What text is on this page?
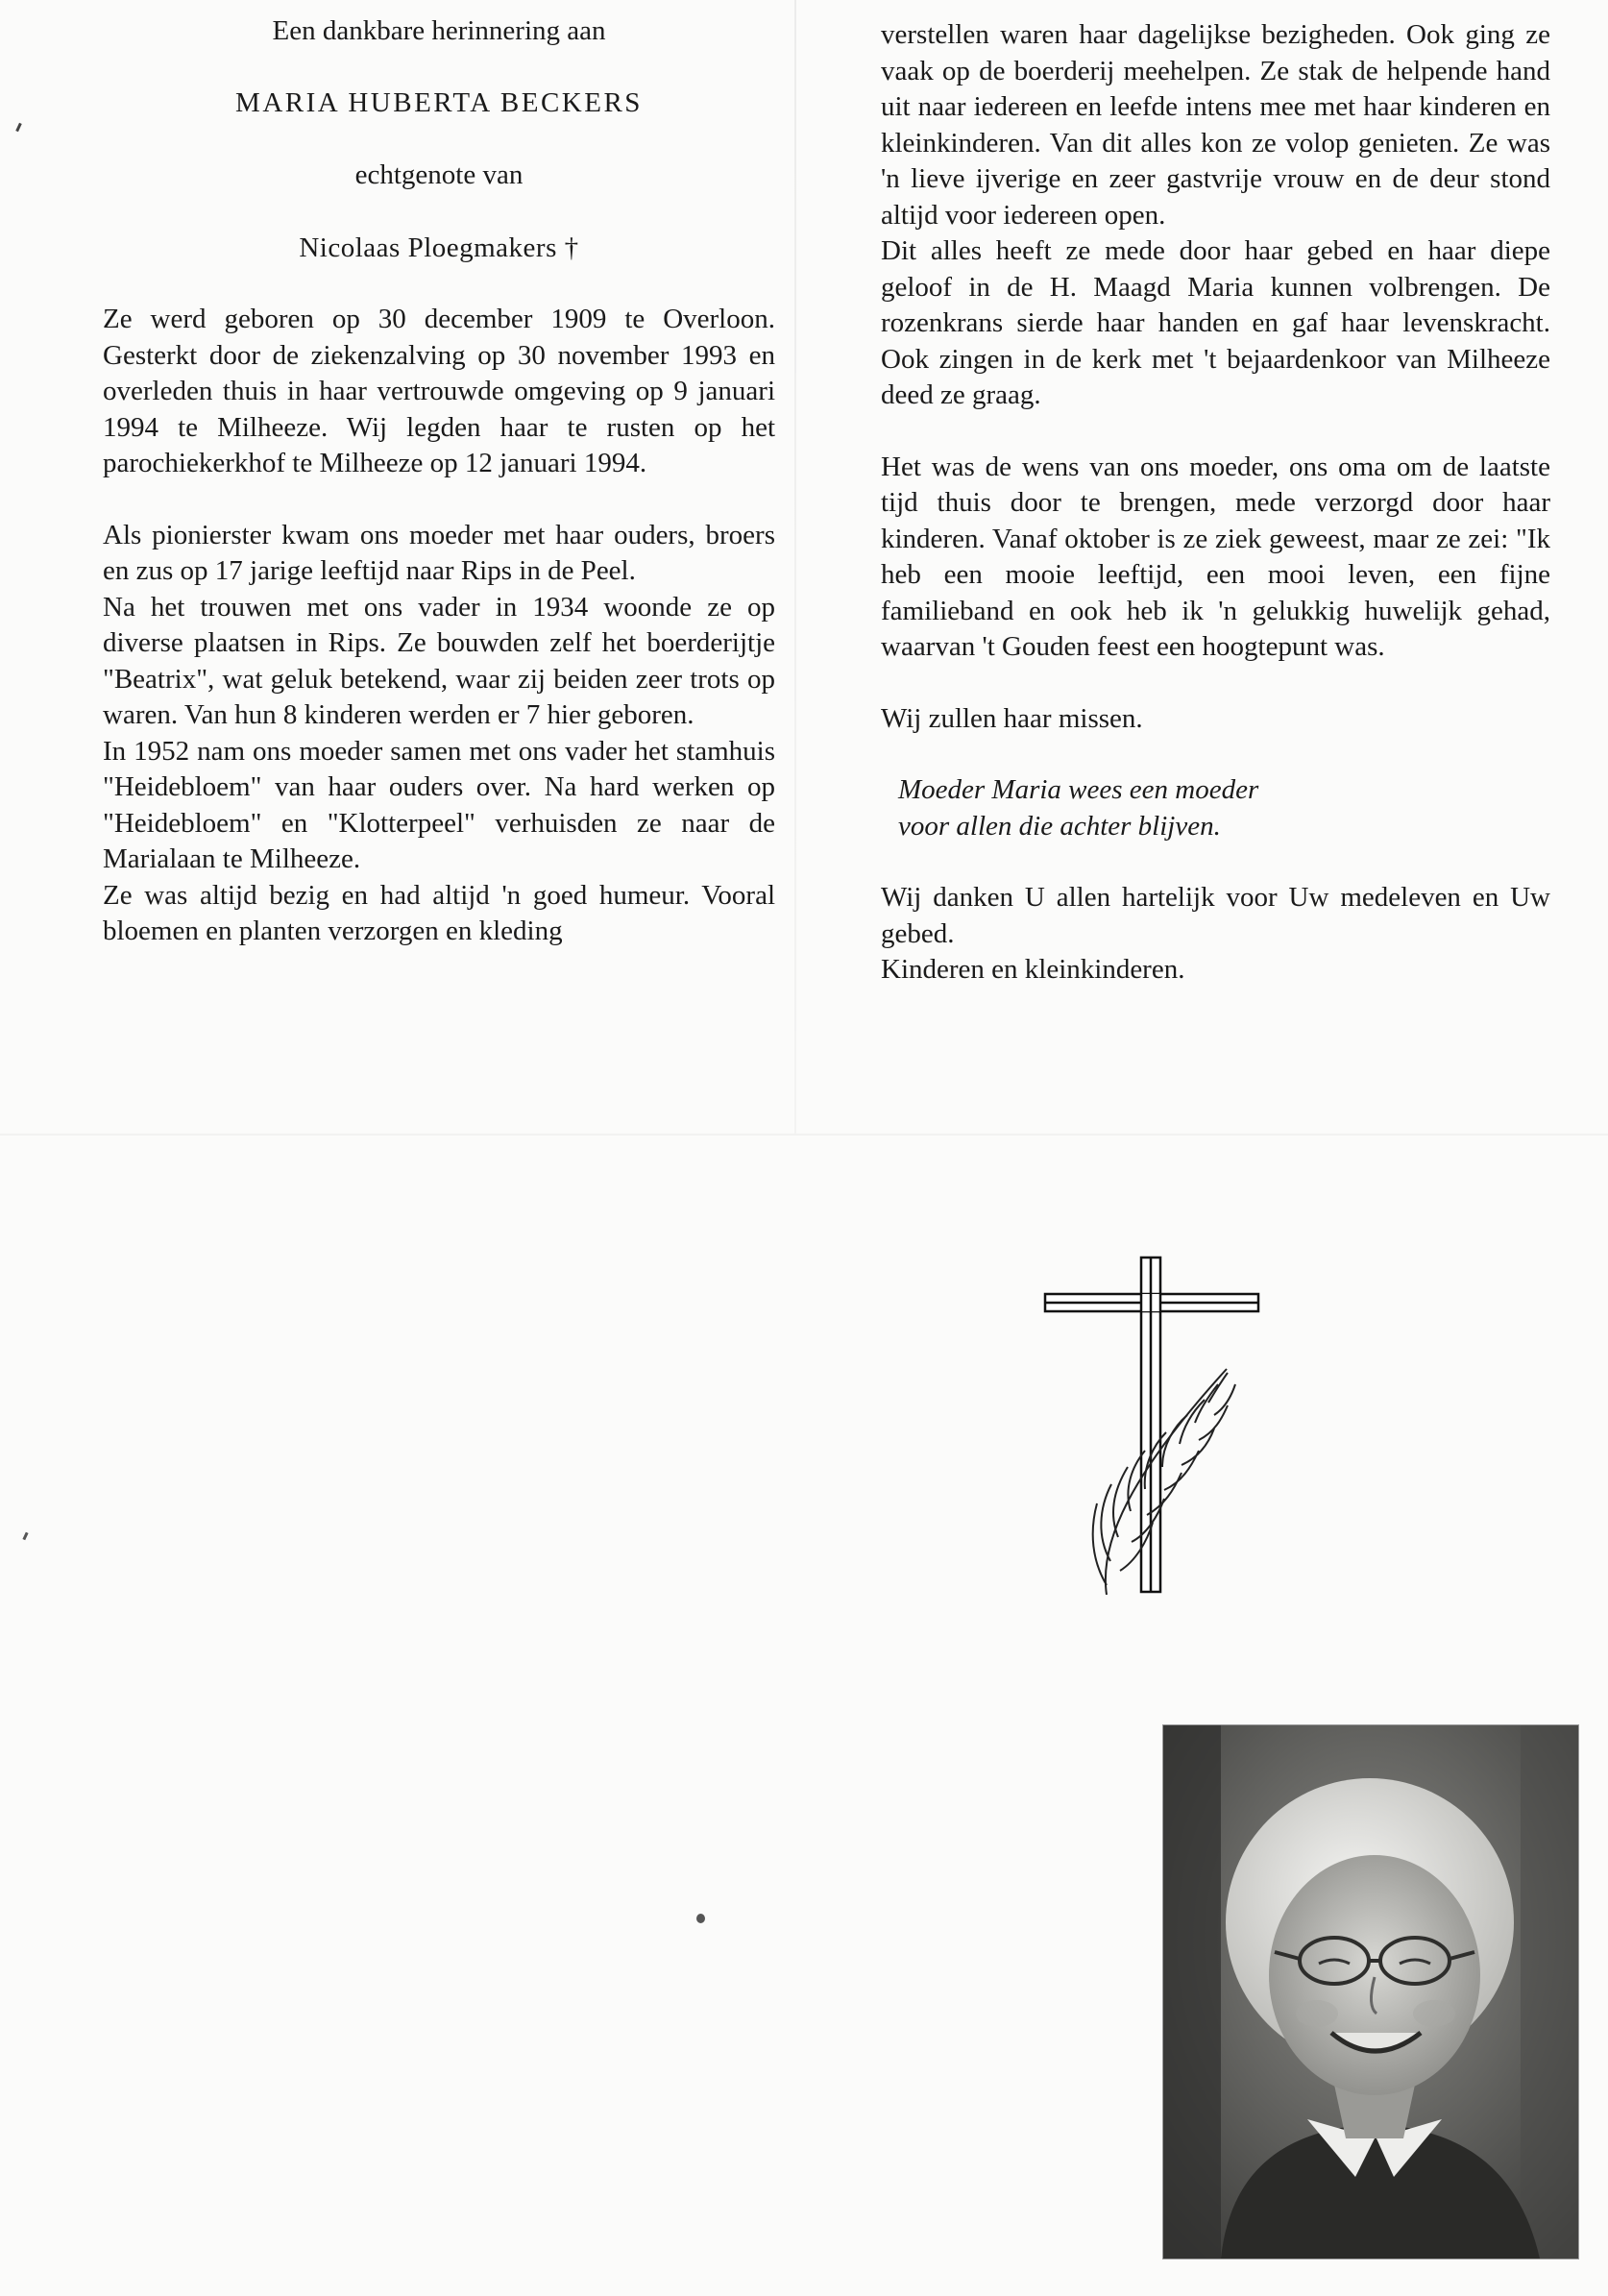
Een dankbare herinnering aan
MARIA HUBERTA BECKERS
echtgenote van
Nicolaas Ploegmakers †

Ze werd geboren op 30 december 1909 te Overloon. Gesterkt door de ziekenzalving op 30 november 1993 en overleden thuis in haar vertrouwde omgeving op 9 januari 1994 te Milheeze. Wij legden haar te rusten op het parochiekerkhof te Milheeze op 12 januari 1994.

Als pionierster kwam ons moeder met haar ouders, broers en zus op 17 jarige leeftijd naar Rips in de Peel.

Na het trouwen met ons vader in 1934 woonde ze op diverse plaatsen in Rips. Ze bouwden zelf het boerderijtje "Beatrix", wat geluk betekend, waar zij beiden zeer trots op waren. Van hun 8 kinderen werden er 7 hier geboren.

In 1952 nam ons moeder samen met ons vader het stamhuis "Heidebloem" van haar ouders over. Na hard werken op "Heidebloem" en "Klotterpeel" verhuisden ze naar de Marialaan te Milheeze.

Ze was altijd bezig en had altijd 'n goed humeur. Vooral bloemen en planten verzorgen en kleding

verstellen waren haar dagelijkse bezigheden. Ook ging ze vaak op de boerderij meehelpen. Ze stak de helpende hand uit naar iedereen en leefde intens mee met haar kinderen en kleinkinderen. Van dit alles kon ze volop genieten. Ze was 'n lieve ijverige en zeer gastvrije vrouw en de deur stond altijd voor iedereen open.

Dit alles heeft ze mede door haar gebed en haar diepe geloof in de H. Maagd Maria kunnen volbrengen. De rozenkrans sierde haar handen en gaf haar levenskracht. Ook zingen in de kerk met 't bejaardenkoor van Milheeze deed ze graag.

Het was de wens van ons moeder, ons oma om de laatste tijd thuis door te brengen, mede verzorgd door haar kinderen. Vanaf oktober is ze ziek geweest, maar ze zei: "Ik heb een mooie leeftijd, een mooi leven, een fijne familieband en ook heb ik 'n gelukkig huwelijk gehad, waarvan 't Gouden feest een hoogtepunt was.

Wij zullen haar missen.

Moeder Maria wees een moeder

voor allen die achter blijven.

Wij danken U allen hartelijk voor Uw medeleven en Uw gebed.

Kinderen en kleinkinderen.
